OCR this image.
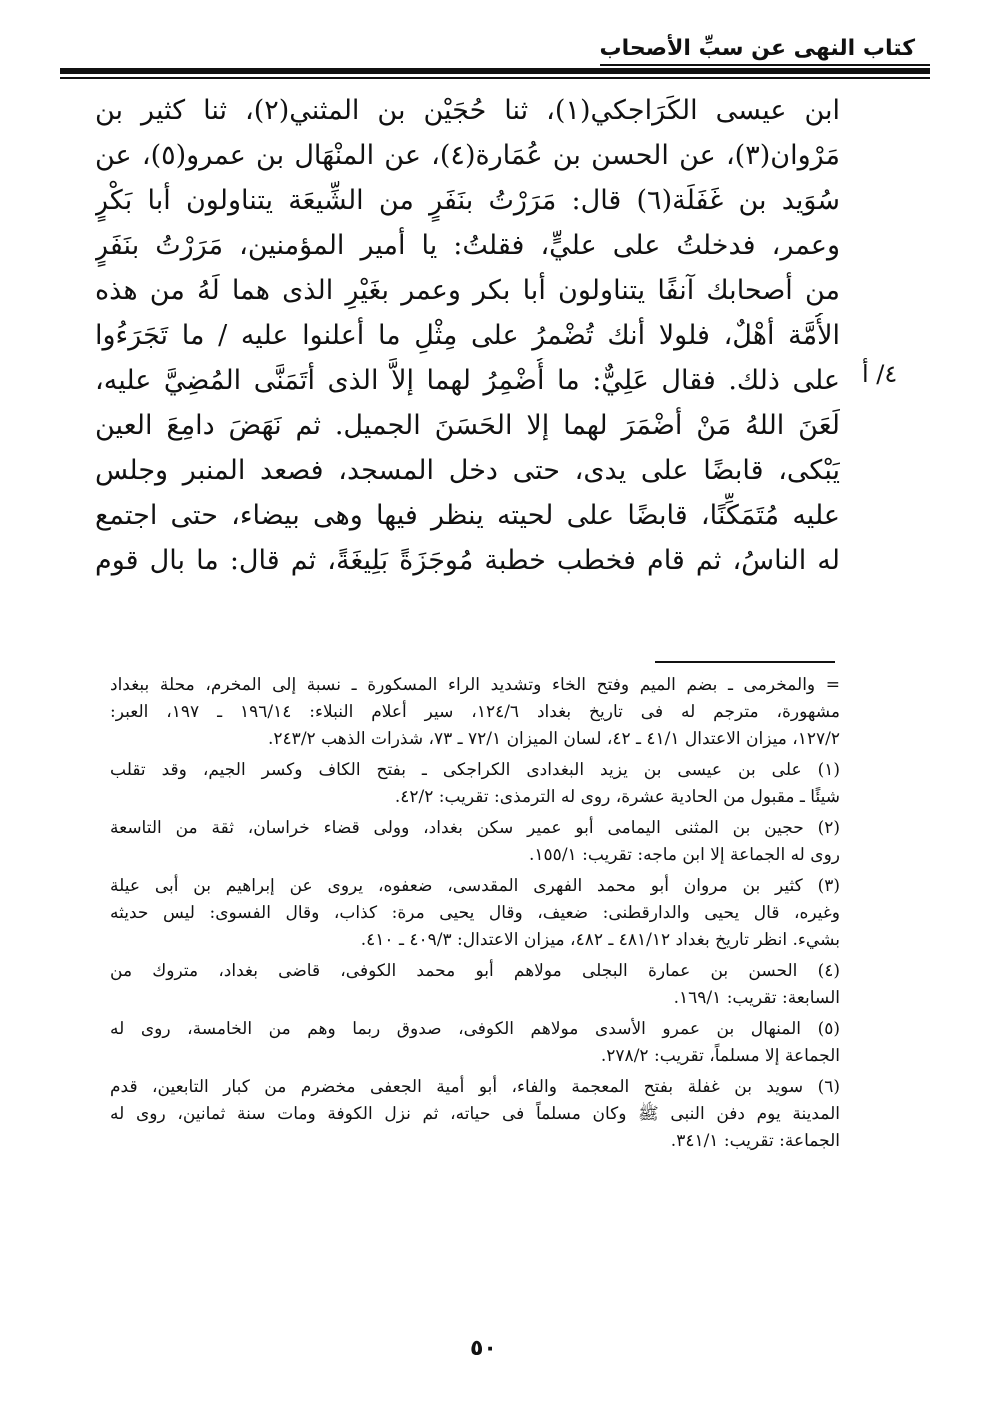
كتاب النهى عن سبِّ الأصحاب
ابن عيسى الكَرَاجكي(١)، ثنا حُجَيْن بن المثني(٢)، ثنا كثير بن
مَرْوان(٣)، عن الحسن بن عُمَارة(٤)، عن المنْهَال بن عمرو(٥)، عن
سُوَيد بن غَفَلَة(٦) قال: مَرَرْتُ بنَفَرٍ من الشِّيعَة يتناولون أبا بَكْرٍ
وعمر، فدخلتُ على عليٍّ، فقلتُ: يا أمير المؤمنين، مَرَرْتُ بنَفَرٍ
من أصحابك آنفًا يتناولون أبا بكر وعمر بغَيْرِ الذى هما لَهُ من هذه
الأُمَّة أهْلٌ، فلولا أنك تُضْمرُ على مِثْلِ ما أعلنوا عليه / ما تَجَرَءُوا
على ذلك. فقال عَلِيٌّ: ما أُضْمِرُ لهما إلاَّ الذى أتَمَنَّى المُضِيَّ عليه،
لَعَنَ اللهُ مَنْ أضْمَرَ لهما إلا الحَسَنَ الجميل. ثم نَهَضَ دامِعَ العين
يَبْكى، قابضًا على يدى، حتى دخل المسجد، فصعد المنبر وجلس
عليه مُتَمَكِّنًا، قابضًا على لحيته ينظر فيها وهى بيضاء، حتى اجتمع
له الناسُ، ثم قام فخطب خطبة مُوجَزَةً بَلِيغَةً، ثم قال: ما بال قوم
٤/ أ
= والمخرمى ـ بضم الميم وفتح الخاء وتشديد الراء المسكورة ـ نسبة إلى المخرم، محلة ببغداد
مشهورة، مترجم له فى تاريخ بغداد ١٢٤/٦، سير أعلام النبلاء: ١٩٦/١٤ ـ ١٩٧، العبر:
١٢٧/٢، ميزان الاعتدال ٤١/١ ـ ٤٢، لسان الميزان ٧٢/١ ـ ٧٣، شذرات الذهب ٢٤٣/٢.
(١) على بن عيسى بن يزيد البغدادى الكراجكى ـ بفتح الكاف وكسر الجيم، وقد تقلب
شيئًا ـ مقبول من الحادية عشرة، روى له الترمذى: تقريب: ٤٢/٢.
(٢) حجين بن المثنى اليمامى أبو عمير سكن بغداد، وولى قضاء خراسان، ثقة من التاسعة
روى له الجماعة إلا ابن ماجه: تقريب: ١٥٥/١.
(٣) كثير بن مروان أبو محمد الفهرى المقدسى، ضعفوه، يروى عن إبراهيم بن أبى عيلة
وغيره، قال يحيى والدارقطنى: ضعيف، وقال يحيى مرة: كذاب، وقال الفسوى: ليس حديثه
بشيء. انظر تاريخ بغداد ٤٨١/١٢ ـ ٤٨٢، ميزان الاعتدال: ٤٠٩/٣ ـ ٤١٠.
(٤) الحسن بن عمارة البجلى مولاهم أبو محمد الكوفى، قاضى بغداد، متروك من
السابعة: تقريب: ١٦٩/١.
(٥) المنهال بن عمرو الأسدى مولاهم الكوفى، صدوق ربما وهم من الخامسة، روى له
الجماعة إلا مسلماً، تقريب: ٢٧٨/٢.
(٦) سويد بن غفلة بفتح المعجمة والفاء، أبو أمية الجعفى مخضرم من كبار التابعين، قدم
المدينة يوم دفن النبى ﷺ وكان مسلماً فى حياته، ثم نزل الكوفة ومات سنة ثمانين، روى له
الجماعة: تقريب: ٣٤١/١.
٥٠
